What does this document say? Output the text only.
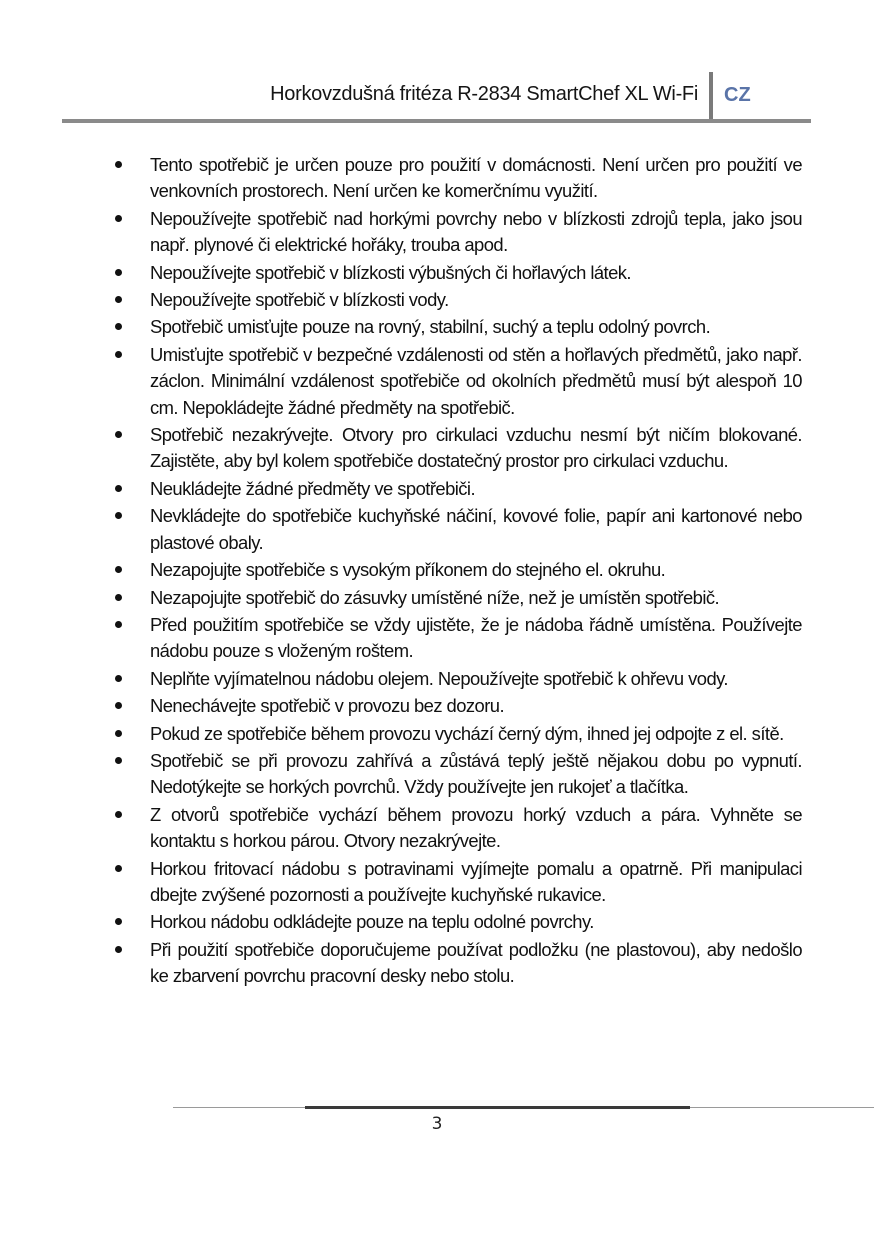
Horkovzdušná fritéza R-2834 SmartChef XL Wi-Fi CZ
Tento spotřebič je určen pouze pro použití v domácnosti. Není určen pro použití ve venkovních prostorech. Není určen ke komerčnímu využití.
Nepoužívejte spotřebič nad horkými povrchy nebo v blízkosti zdrojů tepla, jako jsou např. plynové či elektrické hořáky, trouba apod.
Nepoužívejte spotřebič v blízkosti výbušných či hořlavých látek.
Nepoužívejte spotřebič v blízkosti vody.
Spotřebič umisťujte pouze na rovný, stabilní, suchý a teplu odolný povrch.
Umisťujte spotřebič v bezpečné vzdálenosti od stěn a hořlavých předmětů, jako např. záclon. Minimální vzdálenost spotřebiče od okolních předmětů musí být alespoň 10 cm. Nepokládejte žádné předměty na spotřebič.
Spotřebič nezakrývejte. Otvory pro cirkulaci vzduchu nesmí být ničím blokované. Zajistěte, aby byl kolem spotřebiče dostatečný prostor pro cirkulaci vzduchu.
Neukládejte žádné předměty ve spotřebiči.
Nevkládejte do spotřebiče kuchyňské náčiní, kovové folie, papír ani kartonové nebo plastové obaly.
Nezapojujte spotřebiče s vysokým příkonem do stejného el. okruhu.
Nezapojujte spotřebič do zásuvky umístěné níže, než je umístěn spotřebič.
Před použitím spotřebiče se vždy ujistěte, že je nádoba řádně umístěna. Používejte nádobu pouze s vloženým roštem.
Neplňte vyjímatelnou nádobu olejem. Nepoužívejte spotřebič k ohřevu vody.
Nenechávejte spotřebič v provozu bez dozoru.
Pokud ze spotřebiče během provozu vychází černý dým, ihned jej odpojte z el. sítě.
Spotřebič se při provozu zahřívá a zůstává teplý ještě nějakou dobu po vypnutí. Nedotýkejte se horkých povrchů. Vždy používejte jen rukojeť a tlačítka.
Z otvorů spotřebiče vychází během provozu horký vzduch a pára. Vyhněte se kontaktu s horkou párou. Otvory nezakrývejte.
Horkou fritovací nádobu s potravinami vyjímejte pomalu a opatrně. Při manipulaci dbejte zvýšené pozornosti a používejte kuchyňské rukavice.
Horkou nádobu odkládejte pouze na teplu odolné povrchy.
Při použití spotřebiče doporučujeme používat podložku (ne plastovou), aby nedošlo ke zbarvení povrchu pracovní desky nebo stolu.
3
